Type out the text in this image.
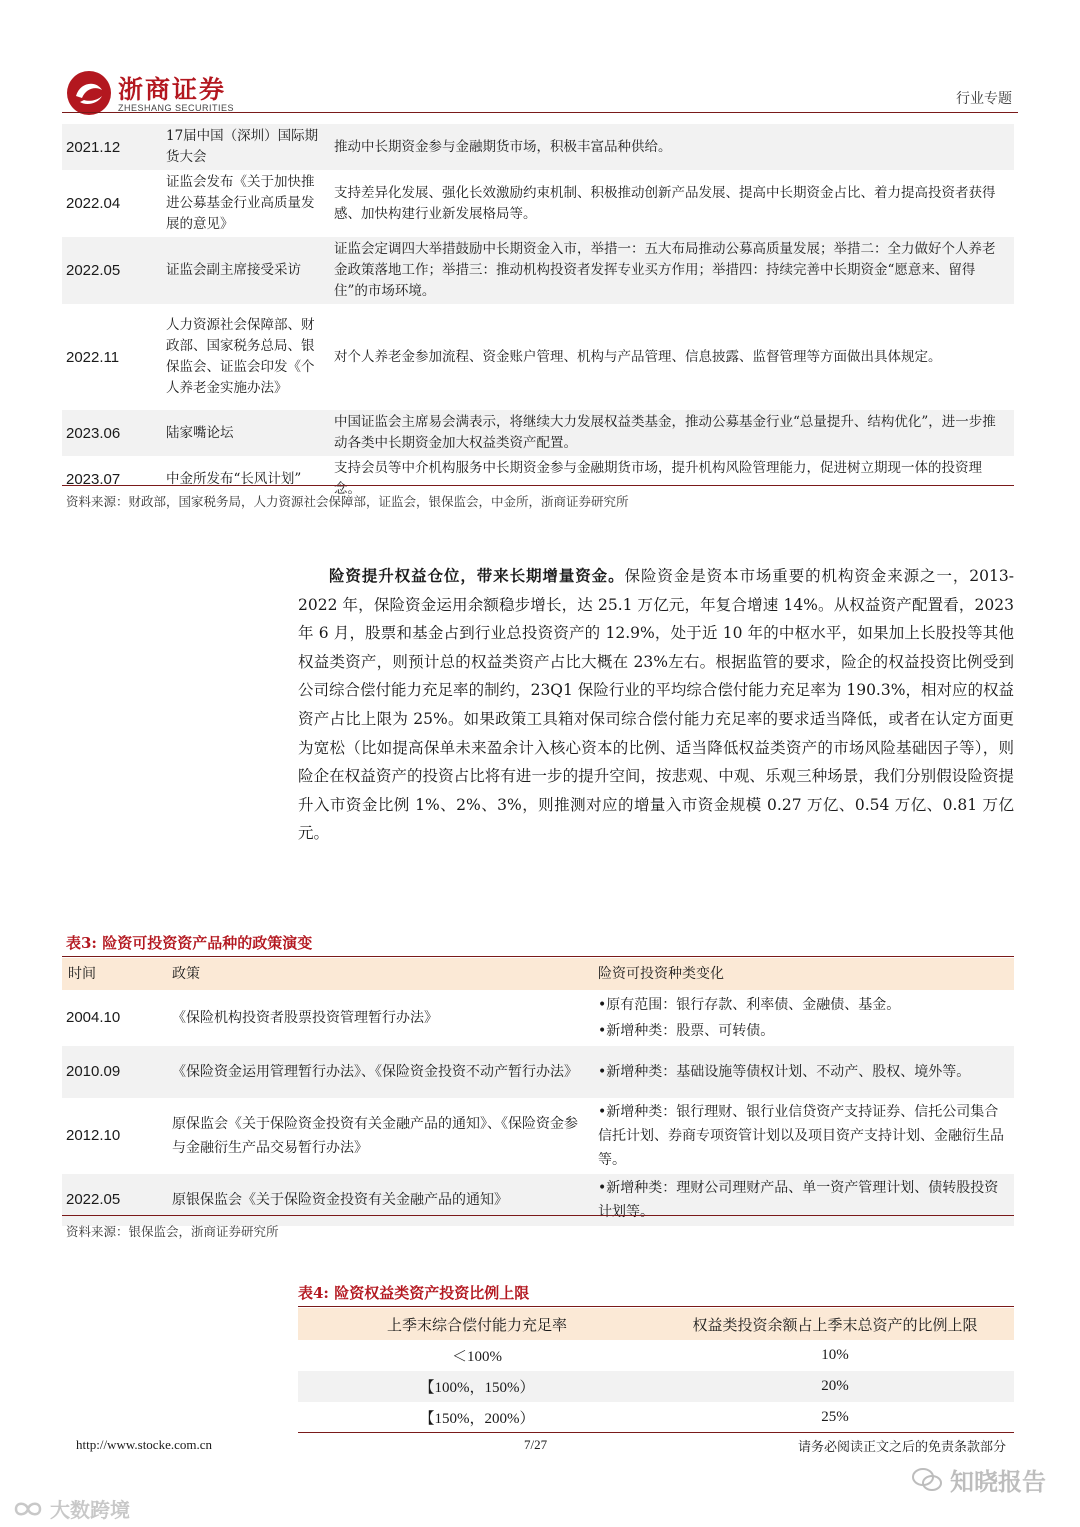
浙商证券
ZHESHANG SECURITIES
行业专题
2021.12	17届中国（深圳）国际期货大会	推动中长期资金参与金融期货市场，积极丰富品种供给。
2022.04	证监会发布《关于加快推进公募基金行业高质量发展的意见》	支持差异化发展、强化长效激励约束机制、积极推动创新产品发展、提高中长期资金占比、着力提高投资者获得感、加快构建行业新发展格局等。
2022.05	证监会副主席接受采访	证监会定调四大举措鼓励中长期资金入市，举措一：五大布局推动公募高质量发展；举措二：全力做好个人养老金政策落地工作；举措三：推动机构投资者发挥专业买方作用；举措四：持续完善中长期资金“愿意来、留得住”的市场环境。
2022.11	人力资源社会保障部、财政部、国家税务总局、银保监会、证监会印发《个人养老金实施办法》	对个人养老金参加流程、资金账户管理、机构与产品管理、信息披露、监督管理等方面做出具体规定。
2023.06	陆家嘴论坛	中国证监会主席易会满表示，将继续大力发展权益类基金，推动公募基金行业“总量提升、结构优化”，进一步推动各类中长期资金加大权益类资产配置。
2023.07	中金所发布“长风计划”	支持会员等中介机构服务中长期资金参与金融期货市场，提升机构风险管理能力，促进树立期现一体的投资理念。
资料来源：财政部，国家税务局，人力资源社会保障部，证监会，银保监会，中金所，浙商证券研究所

险资提升权益仓位，带来长期增量资金。保险资金是资本市场重要的机构资金来源之一，2013-2022 年，保险资金运用余额稳步增长，达 25.1 万亿元，年复合增速 14%。从权益资产配置看，2023 年 6 月，股票和基金占到行业总投资资产的 12.9%，处于近 10 年的中枢水平，如果加上长股投等其他权益类资产，则预计总的权益类资产占比大概在 23%左右。根据监管的要求，险企的权益投资比例受到公司综合偿付能力充足率的制约，23Q1 保险行业的平均综合偿付能力充足率为 190.3%，相对应的权益资产占比上限为 25%。如果政策工具箱对保司综合偿付能力充足率的要求适当降低，或者在认定方面更为宽松（比如提高保单未来盈余计入核心资本的比例、适当降低权益类资产的市场风险基础因子等），则险企在权益资产的投资占比将有进一步的提升空间，按悲观、中观、乐观三种场景，我们分别假设险资提升入市资金比例 1%、2%、3%，则推测对应的增量入市资金规模 0.27 万亿、0.54 万亿、0.81 万亿元。

表3: 险资可投资资产品种的政策演变
时间	政策	险资可投资种类变化
2004.10	《保险机构投资者股票投资管理暂行办法》	•原有范围：银行存款、利率债、金融债、基金。
•新增种类：股票、可转债。

2010.09	《保险资金运用管理暂行办法》、《保险资金投资不动产暂行办法》	•新增种类：基础设施等债权计划、不动产、股权、境外等。

2012.10	原保监会《关于保险资金投资有关金融产品的通知》、《保险资金参与金融衍生产品交易暂行办法》	•新增种类：银行理财、银行业信贷资产支持证券、信托公司集合信托计划、券商专项资管计划以及项目资产支持计划、金融衍生品等。

2022.05	原银保监会《关于保险资金投资有关金融产品的通知》	•新增种类：理财公司理财产品、单一资产管理计划、债转股投资计划等。
资料来源：银保监会，浙商证券研究所
表4: 险资权益类资产投资比例上限
上季末综合偿付能力充足率	权益类投资余额占上季末总资产的比例上限
＜100%	10%
【100%，150%）	20%
【150%，200%）	25%
http://www.stocke.com.cn	7/27	请务必阅读正文之后的免责条款部分
知晓报告
大数跨境
